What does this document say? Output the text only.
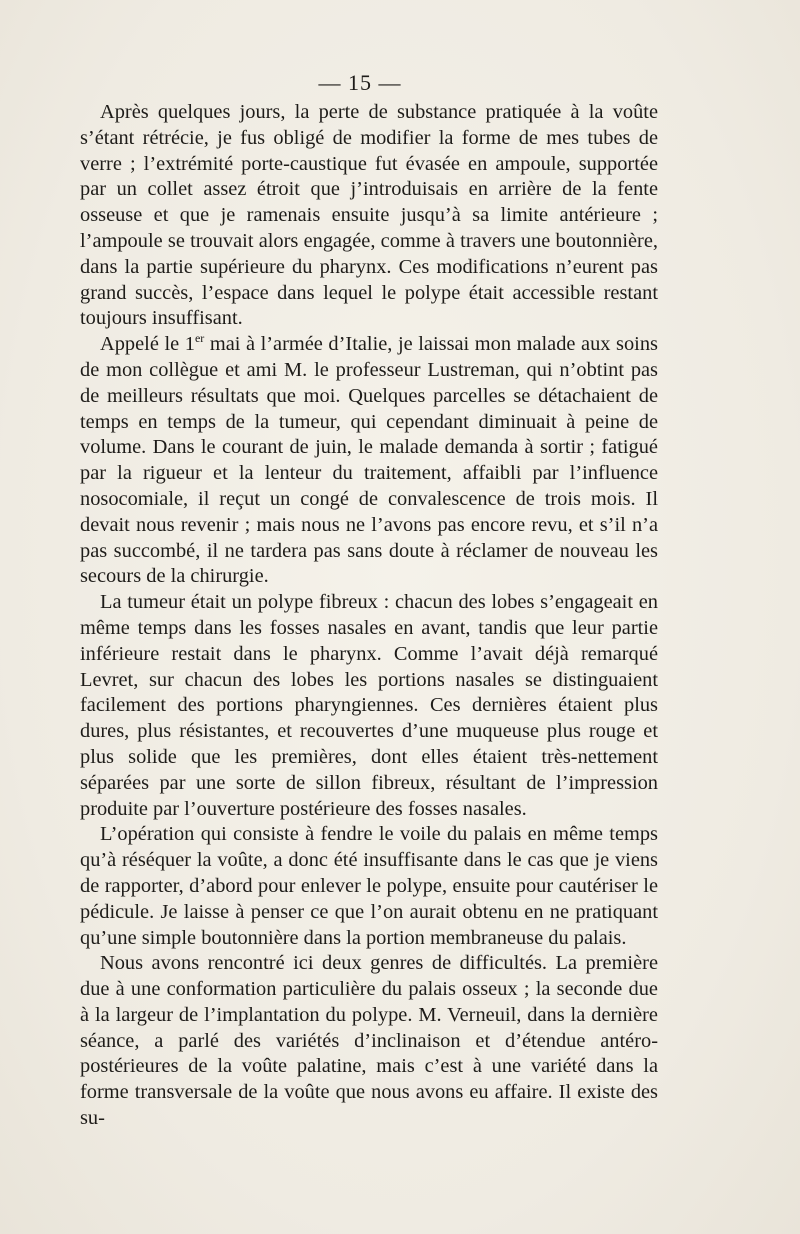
— 15 —

Après quelques jours, la perte de substance pratiquée à la voûte s’étant rétrécie, je fus obligé de modifier la forme de mes tubes de verre ; l’extrémité porte-caustique fut évasée en ampoule, supportée par un collet assez étroit que j’introduisais en arrière de la fente osseuse et que je ramenais ensuite jusqu’à sa limite antérieure ; l’ampoule se trouvait alors engagée, comme à travers une boutonnière, dans la partie supérieure du pharynx. Ces modifications n’eurent pas grand succès, l’espace dans lequel le polype était accessible restant toujours insuffisant.

Appelé le 1er mai à l’armée d’Italie, je laissai mon malade aux soins de mon collègue et ami M. le professeur Lustreman, qui n’obtint pas de meilleurs résultats que moi. Quelques parcelles se détachaient de temps en temps de la tumeur, qui cependant diminuait à peine de volume. Dans le courant de juin, le malade demanda à sortir ; fatigué par la rigueur et la lenteur du traitement, affaibli par l’influence nosocomiale, il reçut un congé de convalescence de trois mois. Il devait nous revenir ; mais nous ne l’avons pas encore revu, et s’il n’a pas succombé, il ne tardera pas sans doute à réclamer de nouveau les secours de la chirurgie.

La tumeur était un polype fibreux : chacun des lobes s’engageait en même temps dans les fosses nasales en avant, tandis que leur partie inférieure restait dans le pharynx. Comme l’avait déjà remarqué Levret, sur chacun des lobes les portions nasales se distinguaient facilement des portions pharyngiennes. Ces dernières étaient plus dures, plus résistantes, et recouvertes d’une muqueuse plus rouge et plus solide que les premières, dont elles étaient très-nettement séparées par une sorte de sillon fibreux, résultant de l’impression produite par l’ouverture postérieure des fosses nasales.

L’opération qui consiste à fendre le voile du palais en même temps qu’à réséquer la voûte, a donc été insuffisante dans le cas que je viens de rapporter, d’abord pour enlever le polype, ensuite pour cautériser le pédicule. Je laisse à penser ce que l’on aurait obtenu en ne pratiquant qu’une simple boutonnière dans la portion membraneuse du palais.

Nous avons rencontré ici deux genres de difficultés. La première due à une conformation particulière du palais osseux ; la seconde due à la largeur de l’implantation du polype. M. Verneuil, dans la dernière séance, a parlé des variétés d’inclinaison et d’étendue antéro-postérieures de la voûte palatine, mais c’est à une variété dans la forme transversale de la voûte que nous avons eu affaire. Il existe des su-
